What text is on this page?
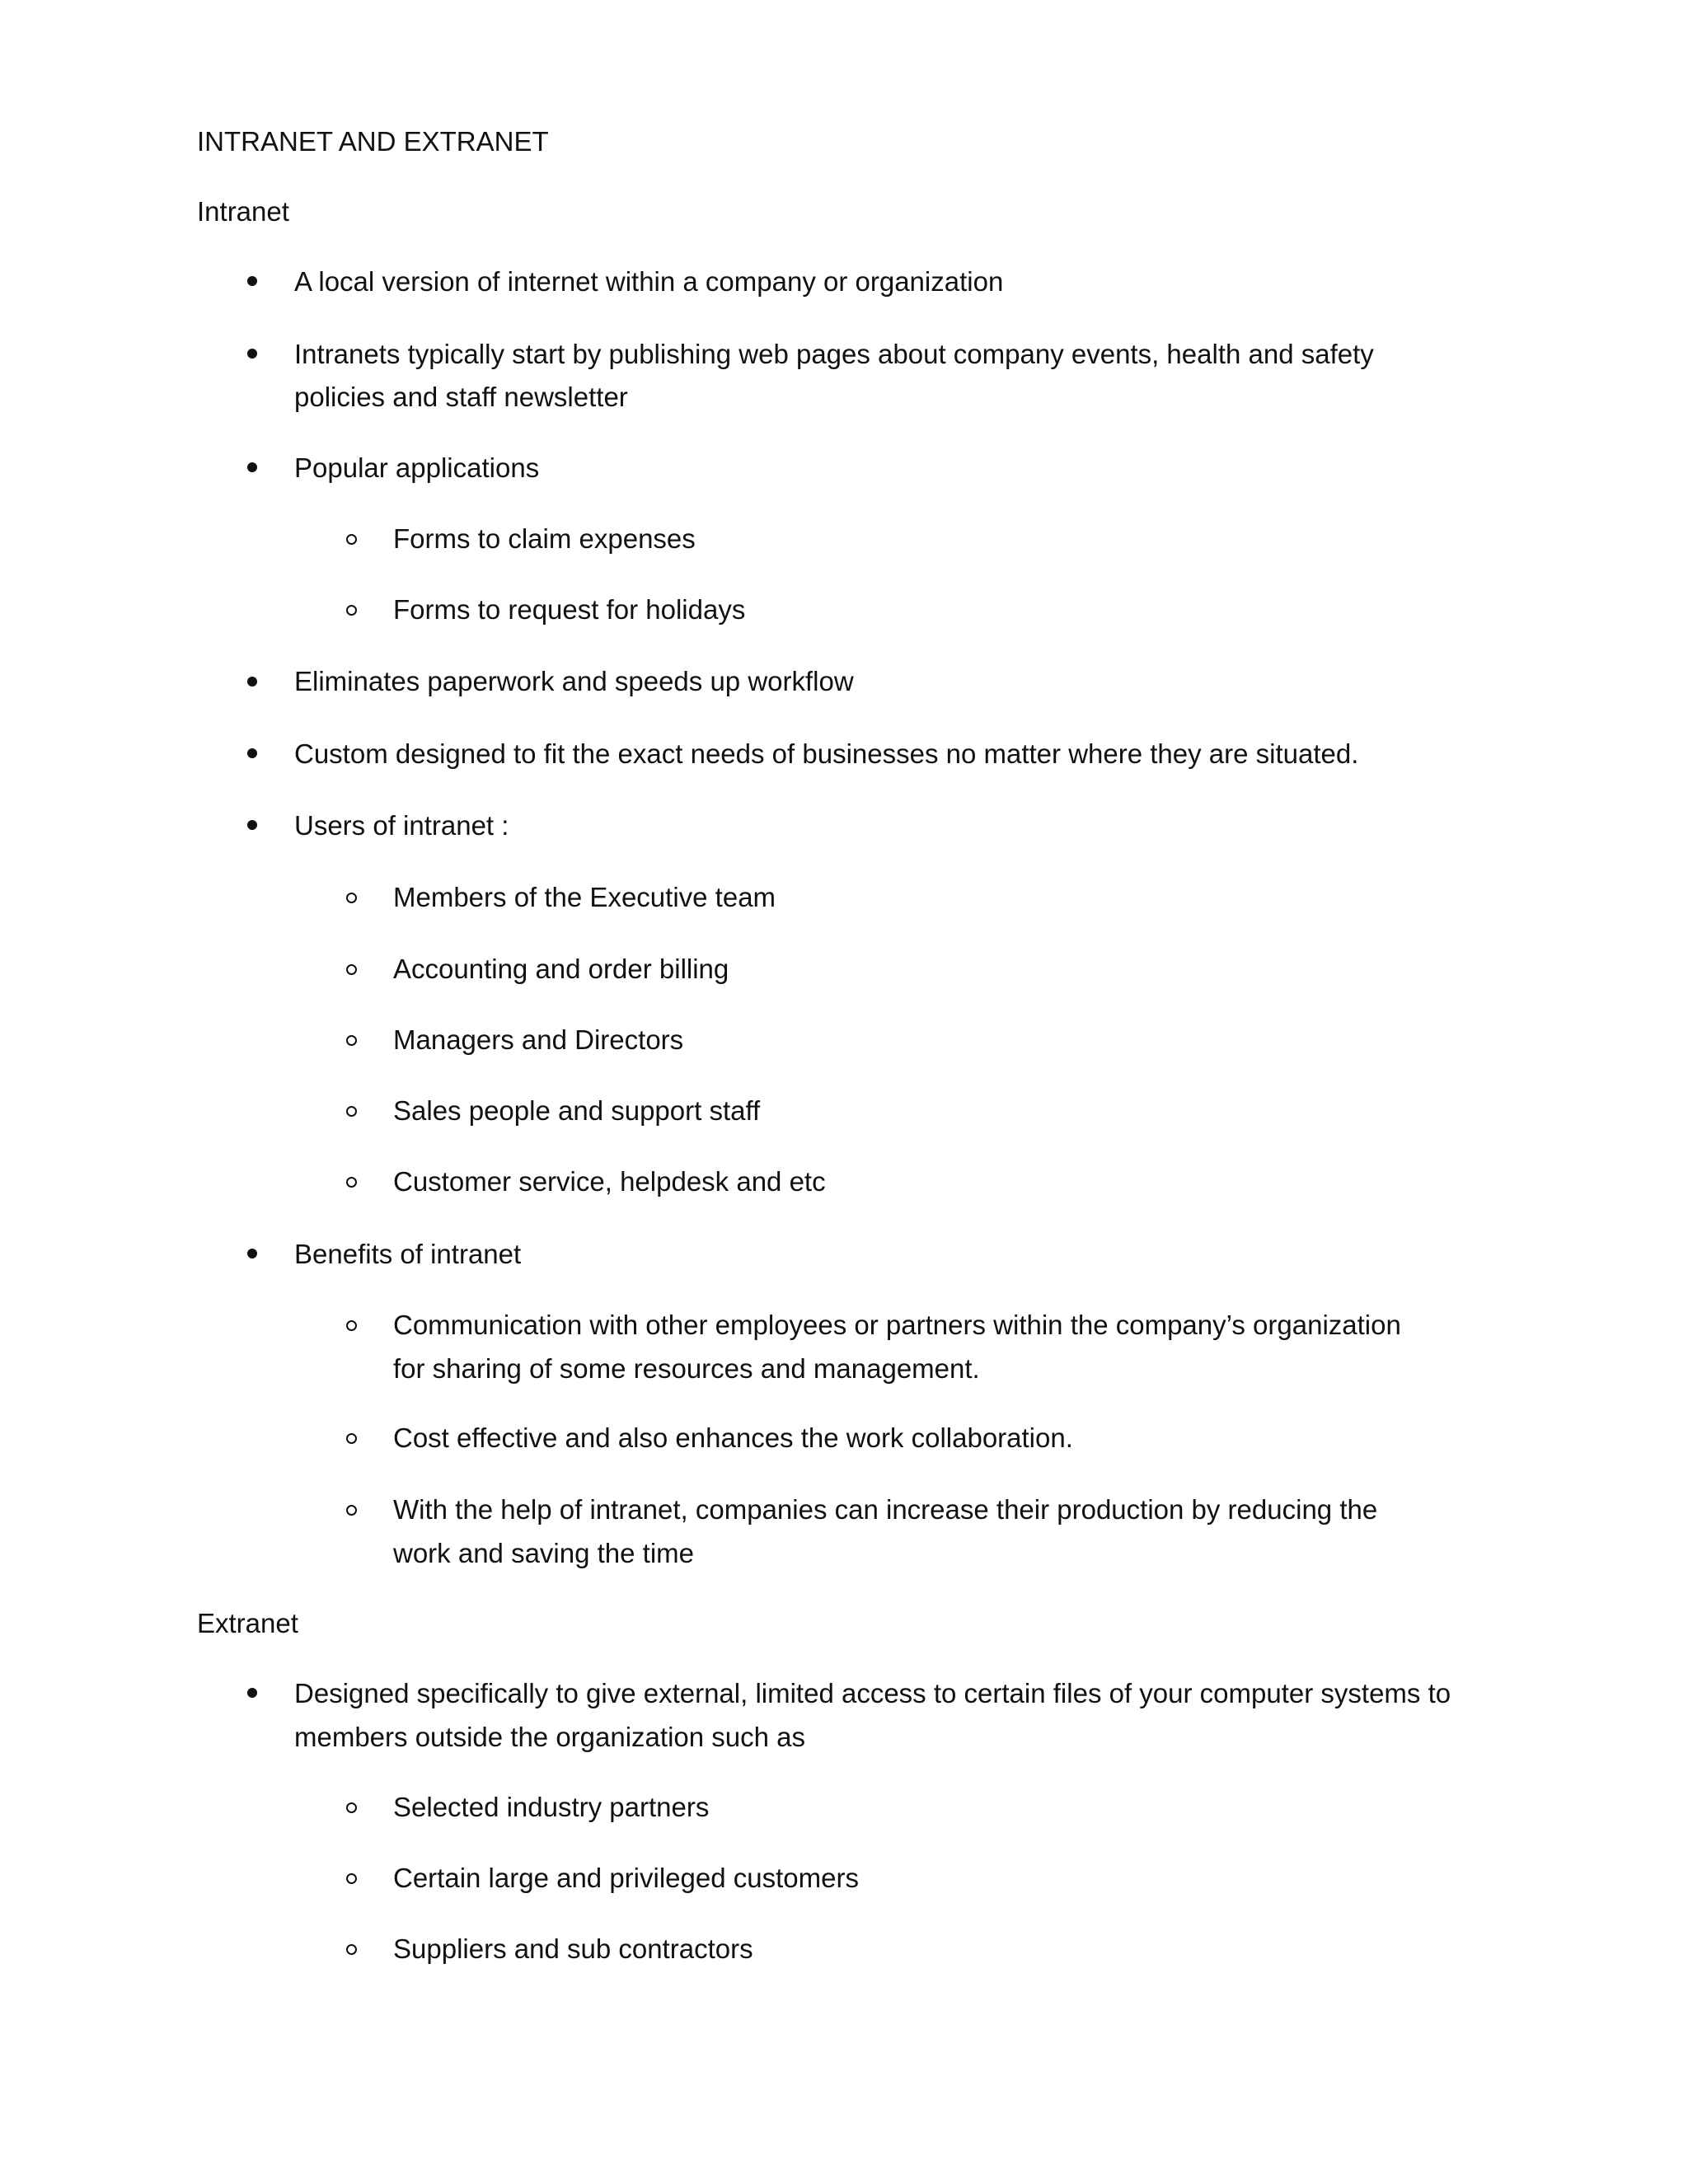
INTRANET AND EXTRANET
Intranet
A local version of internet within a company or organization
Intranets typically start by publishing web pages about company events, health and safety
policies and staff newsletter
Popular applications
Forms to claim expenses
Forms to request for holidays
Eliminates paperwork and speeds up workflow
Custom designed to fit the exact needs of businesses no matter where they are situated.
Users of intranet :
Members of the Executive team
Accounting and order billing
Managers and Directors
Sales people and support staff
Customer service, helpdesk and etc
Benefits of intranet
Communication with other employees or partners within the company’s organization
for sharing of some resources and management.
Cost effective and also enhances the work collaboration.
With the help of intranet, companies can increase their production by reducing the
work and saving the time
Extranet
Designed specifically to give external, limited access to certain files of your computer systems to
members outside the organization such as
Selected industry partners
Certain large and privileged customers
Suppliers and sub contractors
